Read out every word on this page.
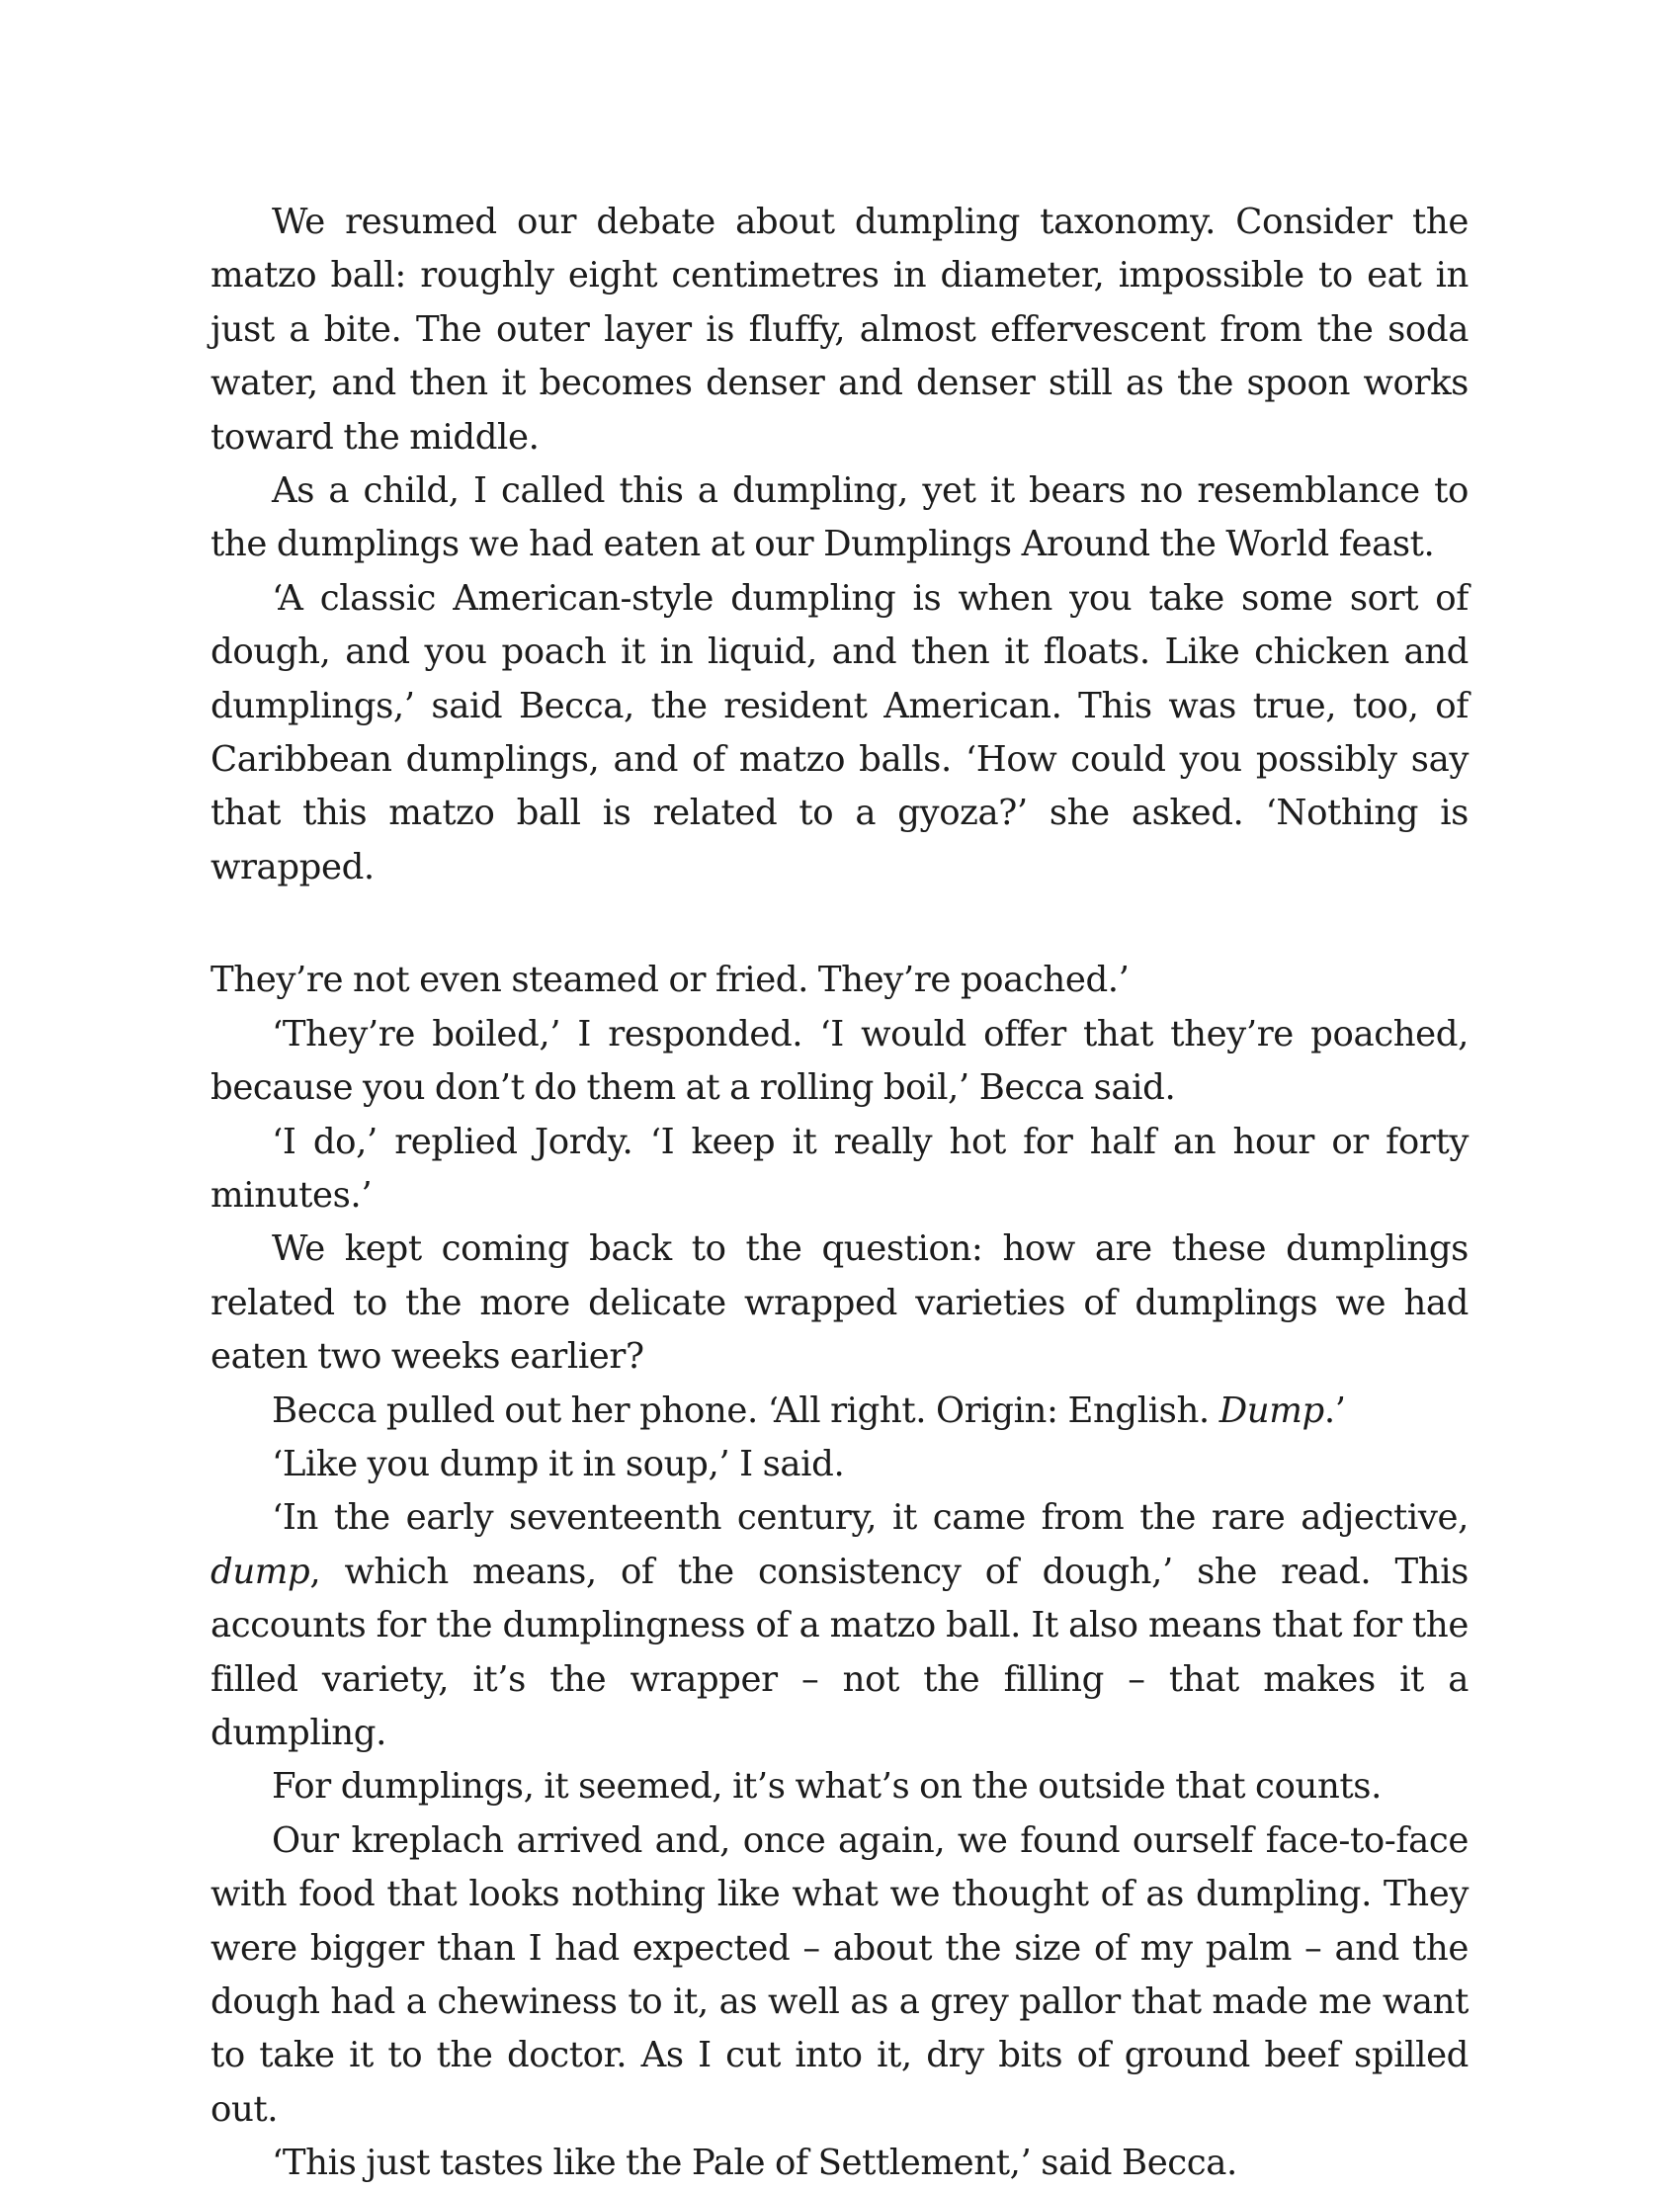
We resumed our debate about dumpling taxonomy. Consider the matzo ball: roughly eight centimetres in diameter, impossible to eat in just a bite. The outer layer is fluffy, almost effervescent from the soda water, and then it becomes denser and denser still as the spoon works toward the middle.

As a child, I called this a dumpling, yet it bears no resemblance to the dumplings we had eaten at our Dumplings Around the World feast.

‘A classic American-style dumpling is when you take some sort of dough, and you poach it in liquid, and then it floats. Like chicken and dumplings,’ said Becca, the resident American. This was true, too, of Caribbean dumplings, and of matzo balls. ‘How could you possibly say that this matzo ball is related to a gyoza?’ she asked. ‘Nothing is wrapped.

They’re not even steamed or fried. They’re poached.’

‘They’re boiled,’ I responded. ‘I would offer that they’re poached, because you don’t do them at a rolling boil,’ Becca said.

‘I do,’ replied Jordy. ‘I keep it really hot for half an hour or forty minutes.’

We kept coming back to the question: how are these dumplings related to the more delicate wrapped varieties of dumplings we had eaten two weeks earlier?

Becca pulled out her phone. ‘All right. Origin: English. Dump.’

‘Like you dump it in soup,’ I said.

‘In the early seventeenth century, it came from the rare adjective, dump, which means, of the consistency of dough,’ she read. This accounts for the dumplingness of a matzo ball. It also means that for the filled variety, it’s the wrapper – not the filling – that makes it a dumpling.

For dumplings, it seemed, it’s what’s on the outside that counts.

Our kreplach arrived and, once again, we found ourself face-to-face with food that looks nothing like what we thought of as dumpling. They were bigger than I had expected – about the size of my palm – and the dough had a chewiness to it, as well as a grey pallor that made me want to take it to the doctor. As I cut into it, dry bits of ground beef spilled out.

‘This just tastes like the Pale of Settlement,’ said Becca.
